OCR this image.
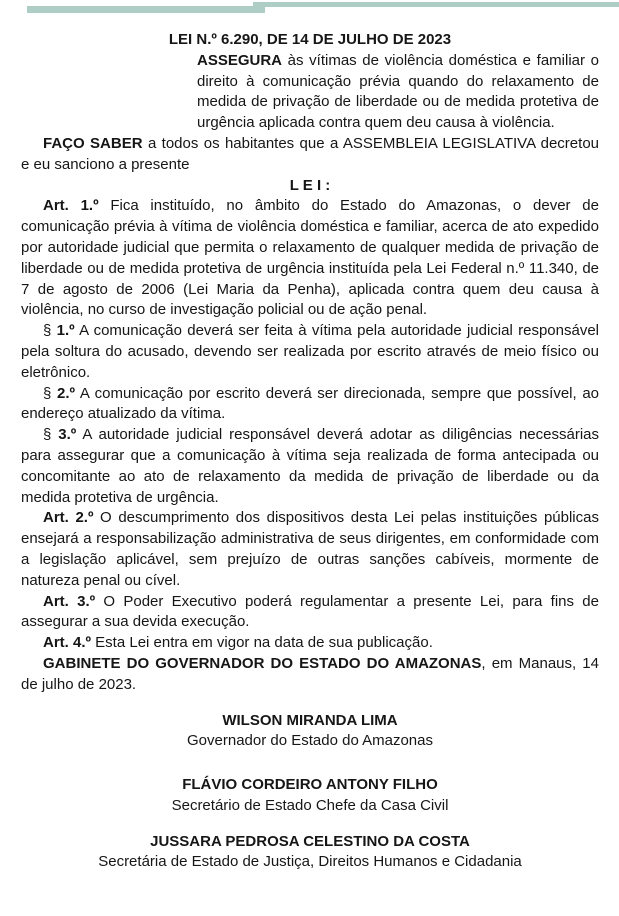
LEI N.º 6.290, DE 14 DE JULHO DE 2023

ASSEGURA às vítimas de violência doméstica e familiar o direito à comunicação prévia quando do relaxamento de medida de privação de liberdade ou de medida protetiva de urgência aplicada contra quem deu causa à violência.

FAÇO SABER a todos os habitantes que a ASSEMBLEIA LEGISLATIVA decretou e eu sanciono a presente

L E I :

Art. 1.º Fica instituído, no âmbito do Estado do Amazonas, o dever de comunicação prévia à vítima de violência doméstica e familiar, acerca de ato expedido por autoridade judicial que permita o relaxamento de qualquer medida de privação de liberdade ou de medida protetiva de urgência instituída pela Lei Federal n.º 11.340, de 7 de agosto de 2006 (Lei Maria da Penha), aplicada contra quem deu causa à violência, no curso de investigação policial ou de ação penal.

§ 1.º A comunicação deverá ser feita à vítima pela autoridade judicial responsável pela soltura do acusado, devendo ser realizada por escrito através de meio físico ou eletrônico.

§ 2.º A comunicação por escrito deverá ser direcionada, sempre que possível, ao endereço atualizado da vítima.

§ 3.º A autoridade judicial responsável deverá adotar as diligências necessárias para assegurar que a comunicação à vítima seja realizada de forma antecipada ou concomitante ao ato de relaxamento da medida de privação de liberdade ou da medida protetiva de urgência.

Art. 2.º O descumprimento dos dispositivos desta Lei pelas instituições públicas ensejará a responsabilização administrativa de seus dirigentes, em conformidade com a legislação aplicável, sem prejuízo de outras sanções cabíveis, mormente de natureza penal ou cível.

Art. 3.º O Poder Executivo poderá regulamentar a presente Lei, para fins de assegurar a sua devida execução.

Art. 4.º Esta Lei entra em vigor na data de sua publicação.

GABINETE DO GOVERNADOR DO ESTADO DO AMAZONAS, em Manaus, 14 de julho de 2023.

WILSON MIRANDA LIMA

Governador do Estado do Amazonas

FLÁVIO CORDEIRO ANTONY FILHO

Secretário de Estado Chefe da Casa Civil

JUSSARA PEDROSA CELESTINO DA COSTA

Secretária de Estado de Justiça, Direitos Humanos e Cidadania
